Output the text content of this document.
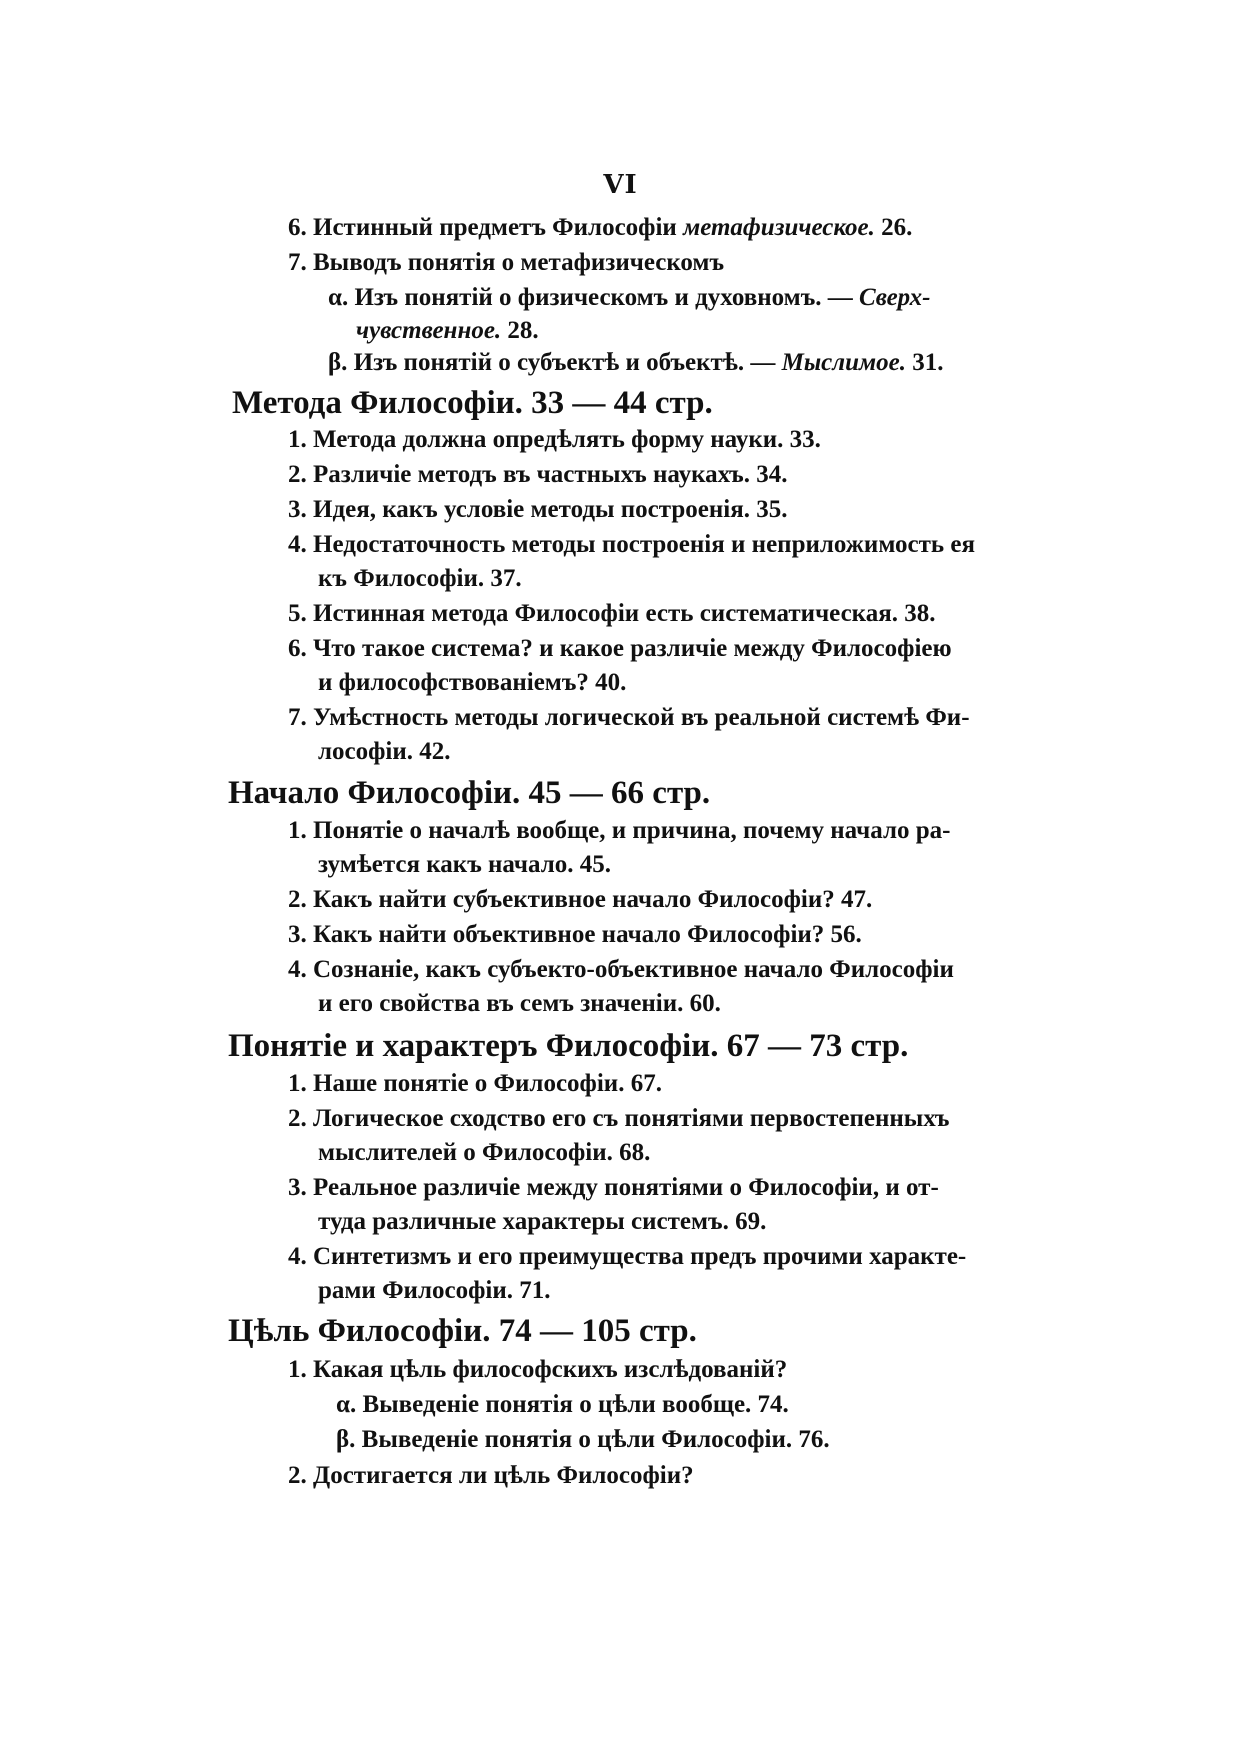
VI
6. Истинный предметъ Философіи метафизическое. 26.
7. Выводъ понятія о метафизическомъ
α. Изъ понятій о физическомъ и духовномъ. — Сверх-
чувственное. 28.
β. Изъ понятій о субъектѣ и объектѣ. — Мыслимое. 31.
Метода Философіи. 33 — 44 стр.
1. Метода должна опредѣлять форму науки. 33.
2. Различіе методъ въ частныхъ наукахъ. 34.
3. Идея, какъ условіе методы построенія. 35.
4. Недостаточность методы построенія и неприложимость ея
къ Философіи. 37.
5. Истинная метода Философіи есть систематическая. 38.
6. Что такое система? и какое различіе между Философіею
и философствованіемъ? 40.
7. Умѣстность методы логической въ реальной системѣ Фи-
лософіи. 42.
Начало Философіи. 45 — 66 стр.
1. Понятіе о началѣ вообще, и причина, почему начало ра-
зумѣется какъ начало. 45.
2. Какъ найти субъективное начало Философіи? 47.
3. Какъ найти объективное начало Философіи? 56.
4. Сознаніе, какъ субъекто-объективное начало Философіи
и его свойства въ семъ значеніи. 60.
Понятіе и характеръ Философіи. 67 — 73 стр.
1. Наше понятіе о Философіи. 67.
2. Логическое сходство его съ понятіями первостепенныхъ
мыслителей о Философіи. 68.
3. Реальное различіе между понятіями о Философіи, и от-
туда различные характеры системъ. 69.
4. Синтетизмъ и его преимущества предъ прочими характе-
рами Философіи. 71.
Цѣль Философіи. 74 — 105 стр.
1. Какая цѣль философскихъ изслѣдованій?
α. Выведеніе понятія о цѣли вообще. 74.
β. Выведеніе понятія о цѣли Философіи. 76.
2. Достигается ли цѣль Философіи?
